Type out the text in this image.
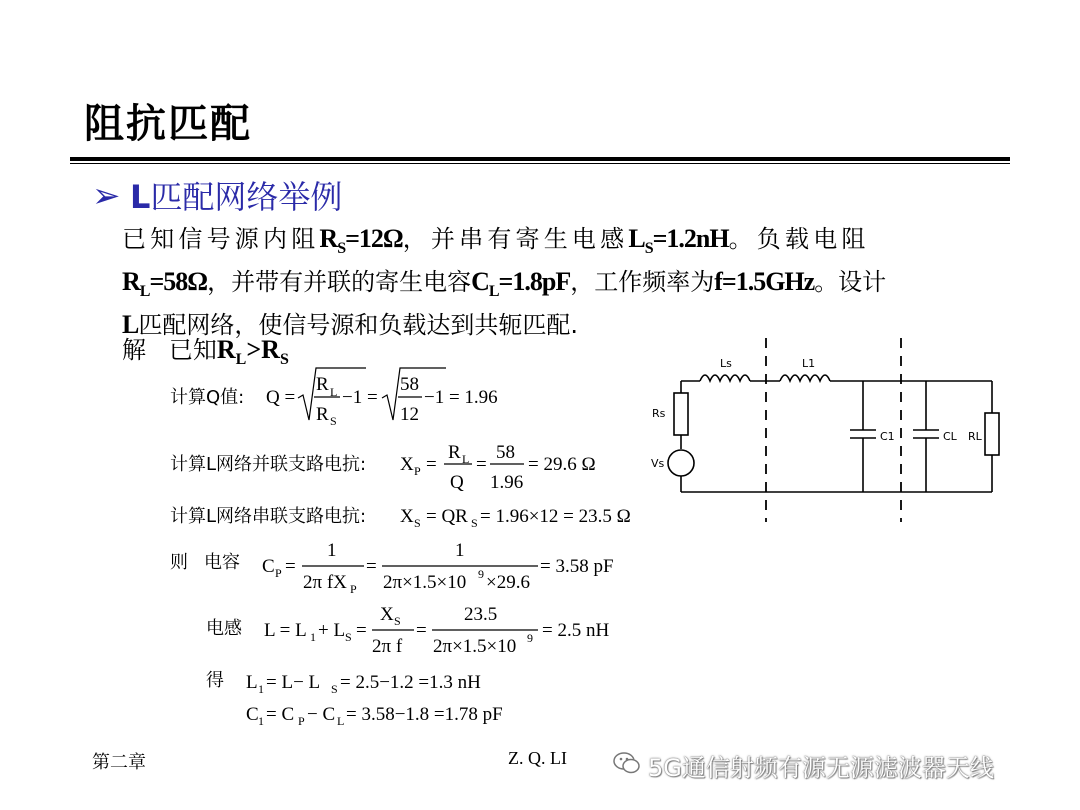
阻抗匹配
➢ L匹配网络举例
已知信号源内阻$R_S=12\Omega$，并串有寄生电感$L_S=1.2nH$。负载电阻
$R_L=58\Omega$，并带有并联的寄生电容$C_L=1.8pF$，工作频率为f=1.5GHz。设计
L匹配网络，使信号源和负载达到共轭匹配.
解 已知$R_L>R_S$
计算Q值: Q =
R L
R S
−1 =
58
12
−1 = 1.96
计算L网络并联支路电抗: X P =
R L
Q
=
58
1.96
= 29.6 Ω
计算L网络串联支路电抗: X S = QR S = 1.96×12 = 23.5 Ω
则 电容 C P =
1
2π fX P
=
1
2π×1.5×10 9 ×29.6
= 3.58 pF
电感 L = L 1 + L S =
X S
2π f
=
23.5
2π×1.5×10 9 = 2.5 nH
得 L 1 = L− L S = 2.5−1.2 =1.3 nH
C 1 = C P − C L = 3.58−1.8 =1.78 pF
Ls	L1
Rs
Vs
C1	CL RL
第二章	Z. Q. LI	5G通信射频有源无源滤波器天线
